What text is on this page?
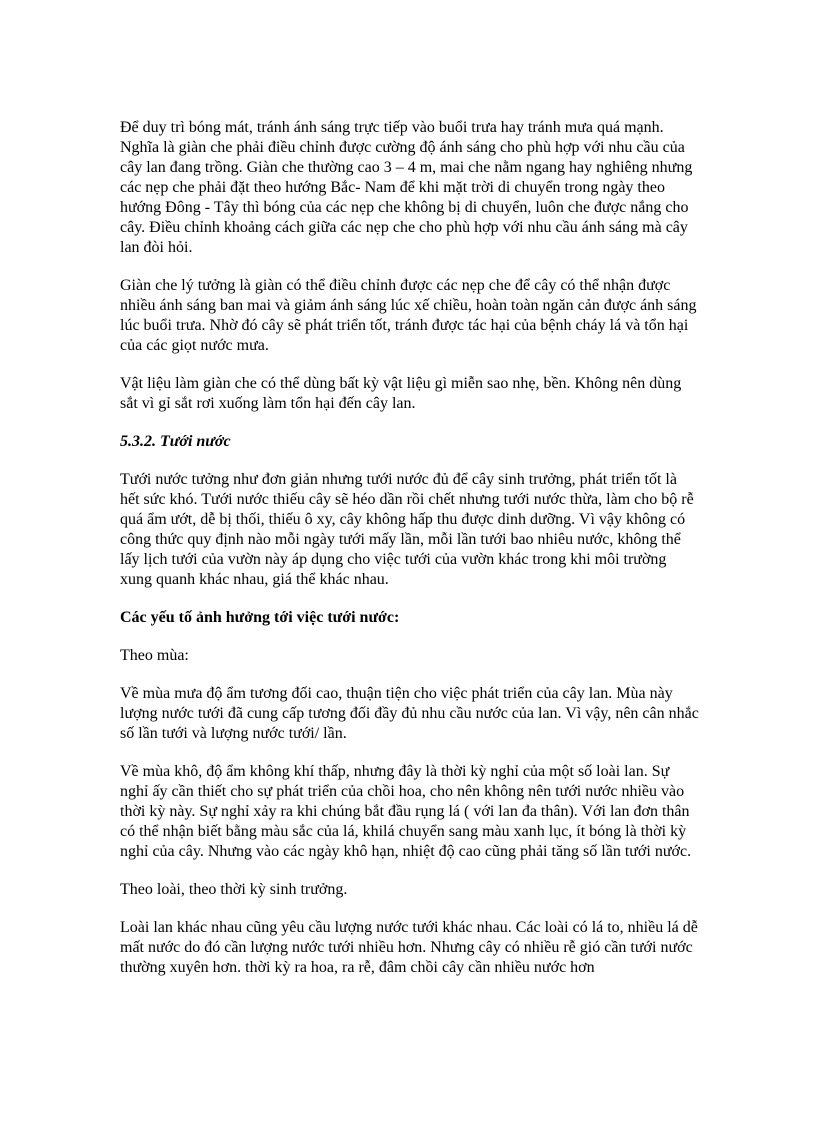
Để duy trì bóng mát, tránh ánh sáng trực tiếp vào buổi trưa hay tránh mưa quá mạnh. Nghĩa là giàn che phải điều chỉnh được cường độ ánh sáng cho phù hợp với nhu cầu của cây lan đang trồng. Giàn che thường cao 3 – 4 m, mai che nằm ngang hay nghiêng nhưng các nẹp che phải đặt theo hướng Bắc- Nam để khi mặt trời di chuyển trong ngày theo hướng Đông - Tây thì bóng của các nẹp che không bị di chuyển, luôn che được nắng cho cây. Điều chỉnh khoảng cách giữa các nẹp che cho phù hợp với nhu cầu ánh sáng mà cây lan đòi hỏi.

Giàn che lý tưởng là giàn có thể điều chỉnh được các nẹp che để cây có thể nhận được nhiều ánh sáng ban mai và giảm ánh sáng lúc xế chiều, hoàn toàn ngăn cản được ánh sáng lúc buổi trưa. Nhờ đó cây sẽ phát triển tốt, tránh được tác hại của bệnh cháy lá và tổn hại của các giọt nước mưa.

Vật liệu làm giàn che có thể dùng bất kỳ vật liệu gì miễn sao nhẹ, bền. Không nên dùng sắt vì gỉ sắt rơi xuống làm tổn hại đến cây lan.

5.3.2. Tưới nước

Tưới nước tưởng như đơn giản nhưng tưới nước đủ để cây sinh trưởng, phát triển tốt là hết sức khó. Tưới nước thiếu cây sẽ héo dần rồi chết nhưng tưới nước thừa, làm cho bộ rễ quá ẩm ướt, dễ bị thối, thiếu ô xy, cây không hấp thu được dinh dưỡng. Vì vậy không có công thức quy định nào mỗi ngày tưới mấy lần, mỗi lần tưới bao nhiêu nước, không thể lấy lịch tưới của vườn này áp dụng cho việc tưới của vườn khác trong khi môi trường xung quanh khác nhau, giá thể khác nhau.

Các yếu tố ảnh hưởng tới việc tưới nước:

Theo mùa:

Về mùa mưa độ ẩm tương đối cao, thuận tiện cho việc phát triển của cây lan. Mùa này lượng nước tưới đã cung cấp tương đối đầy đủ nhu cầu nước của lan. Vì vậy, nên cân nhắc số lần tưới và lượng nước tưới/ lần.

Về mùa khô, độ ẩm không khí thấp, nhưng đây là thời kỳ nghỉ của một số loài lan. Sự nghỉ ấy cần thiết cho sự phát triển của chồi hoa, cho nên không nên tưới nước nhiều vào thời kỳ này. Sự nghỉ xảy ra khi chúng bắt đầu rụng lá ( với lan đa thân). Với lan đơn thân có thể nhận biết bằng màu sắc của lá, khilá chuyển sang màu xanh lục, ít bóng là thời kỳ nghỉ của cây. Nhưng vào các ngày khô hạn, nhiệt độ cao cũng phải tăng số lần tưới nước.

Theo loài, theo thời kỳ sinh trưởng.

Loài lan khác nhau cũng yêu cầu lượng nước tưới khác nhau. Các loài có lá to, nhiều lá dễ mất nước do đó cần lượng nước tưới nhiều hơn. Nhưng cây có nhiều rễ gió cần tưới nước thường xuyên hơn. thời kỳ ra hoa, ra rễ, đâm chồi cây cần nhiều nước hơn
